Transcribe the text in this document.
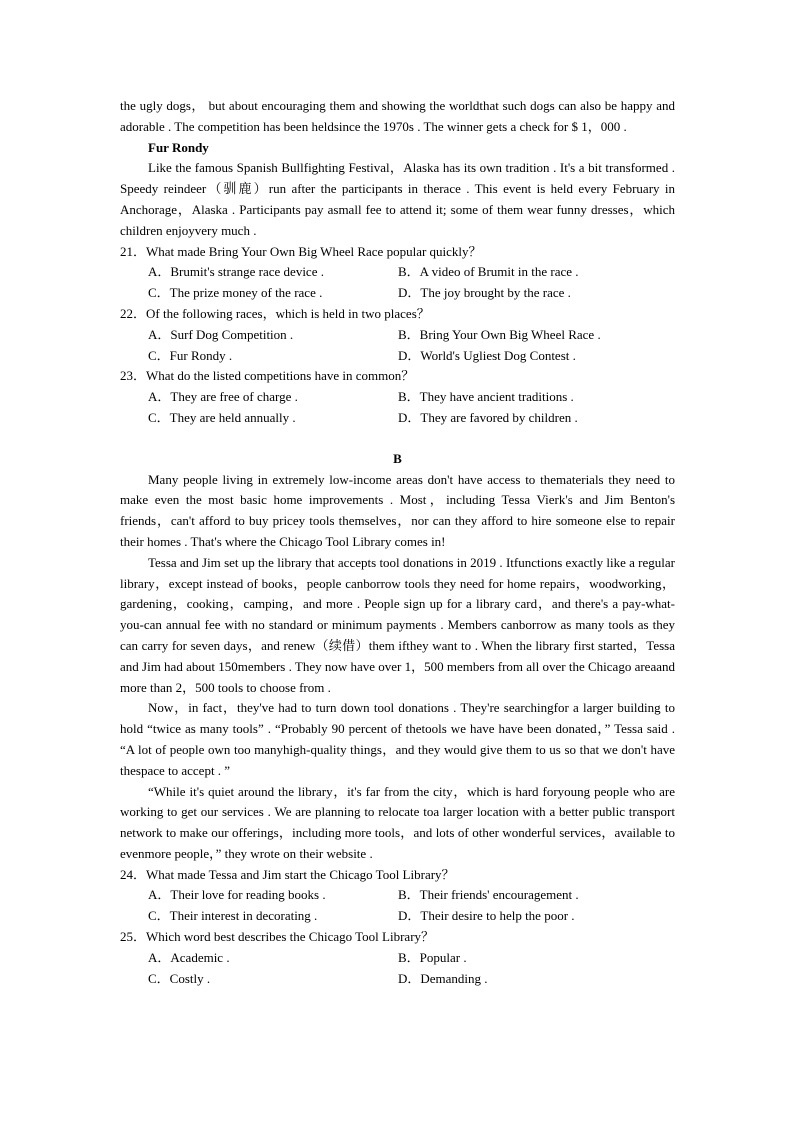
the ugly dogs， but about encouraging them and showing the worldthat such dogs can also be happy and adorable . The competition has been heldsince the 1970s . The winner gets a check for $ 1，000 .

Fur Rondy

Like the famous Spanish Bullfighting Festival，Alaska has its own tradition . It's a bit transformed . Speedy reindeer（驯鹿）run after the participants in therace . This event is held every February in Anchorage，Alaska . Participants pay asmall fee to attend it; some of them wear funny dresses，which children enjoyvery much .

21．What made Bring Your Own Big Wheel Race popular quickly？

A．Brumit's strange race device .	B．A video of Brumit in the race .
C．The prize money of the race .	D．The joy brought by the race .

22．Of the following races，which is held in two places？

A．Surf Dog Competition .	B．Bring Your Own Big Wheel Race .
C．Fur Rondy .	D．World's Ugliest Dog Contest .

23．What do the listed competitions have in common？

A．They are free of charge .	B．They have ancient traditions .
C．They are held annually .	D．They are favored by children .

B

Many people living in extremely low-income areas don't have access to thematerials they need to make even the most basic home improvements . Most，including Tessa Vierk's and Jim Benton's friends，can't afford to buy pricey tools themselves，nor can they afford to hire someone else to repair their homes . That's where the Chicago Tool Library comes in!

Tessa and Jim set up the library that accepts tool donations in 2019 . Itfunctions exactly like a regular library，except instead of books，people canborrow tools they need for home repairs，woodworking，gardening，cooking，camping，and more . People sign up for a library card，and there's a pay-what-you-can annual fee with no standard or minimum payments . Members canborrow as many tools as they can carry for seven days，and renew（续借）them ifthey want to . When the library first started，Tessa and Jim had about 150members . They now have over 1，500 members from all over the Chicago areaand more than 2，500 tools to choose from .

Now，in fact，they've had to turn down tool donations . They're searchingfor a larger building to hold “twice as many tools” . “Probably 90 percent of thetools we have have been donated，” Tessa said . “A lot of people own too manyhigh-quality things，and they would give them to us so that we don't have thespace to accept . ”

“While it's quiet around the library，it's far from the city，which is hard foryoung people who are working to get our services . We are planning to relocate toa larger location with a better public transport network to make our offerings，including more tools，and lots of other wonderful services，available to evenmore people，” they wrote on their website .

24．What made Tessa and Jim start the Chicago Tool Library？

A．Their love for reading books .	B．Their friends' encouragement .
C．Their interest in decorating .	D．Their desire to help the poor .

25．Which word best describes the Chicago Tool Library？

A．Academic .	B．Popular .
C．Costly .	D．Demanding .
